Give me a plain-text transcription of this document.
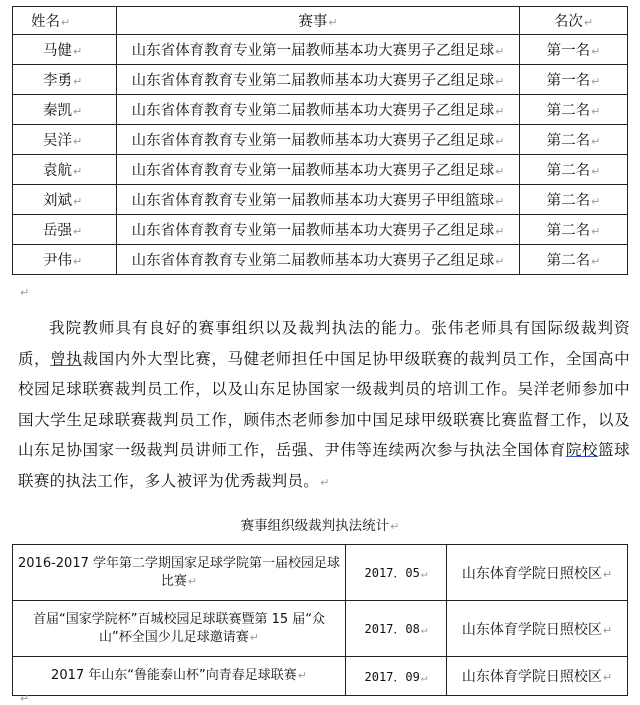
姓名↵	赛事↵	名次↵
马健↵	山东省体育教育专业第一届教师基本功大赛男子乙组足球↵	第一名↵
李勇↵	山东省体育教育专业第二届教师基本功大赛男子乙组足球↵	第一名↵
秦凯↵	山东省体育教育专业第二届教师基本功大赛男子乙组足球↵	第二名↵
吴洋↵	山东省体育教育专业第一届教师基本功大赛男子乙组足球↵	第二名↵
袁航↵	山东省体育教育专业第一届教师基本功大赛男子乙组足球↵	第二名↵
刘斌↵	山东省体育教育专业第一届教师基本功大赛男子甲组篮球↵	第二名↵
岳强↵	山东省体育教育专业第一届教师基本功大赛男子乙组足球↵	第二名↵
尹伟↵	山东省体育教育专业第二届教师基本功大赛男子乙组足球↵	第二名↵
↵

我院教师具有良好的赛事组织以及裁判执法的能力。张伟老师具有国际级裁判资质，曾执裁国内外大型比赛，马健老师担任中国足协甲级联赛的裁判员工作，全国高中校园足球联赛裁判员工作，以及山东足协国家一级裁判员的培训工作。吴洋老师参加中国大学生足球联赛裁判员工作，顾伟杰老师参加中国足球甲级联赛比赛监督工作，以及山东足协国家一级裁判员讲师工作，岳强、尹伟等连续两次参与执法全国体育院校篮球联赛的执法工作，多人被评为优秀裁判员。↵

赛事组织级裁判执法统计↵
2016-2017 学年第二学期国家足球学院第一届校园足球比赛↵	2017．05↵	山东体育学院日照校区↵
首届“国家学院杯”百城校园足球联赛暨第 15 届“众山”杯全国少儿足球邀请赛↵	2017．08↵	山东体育学院日照校区↵
2017 年山东“鲁能泰山杯”向青春足球联赛↵	2017．09↵	山东体育学院日照校区↵
↵
